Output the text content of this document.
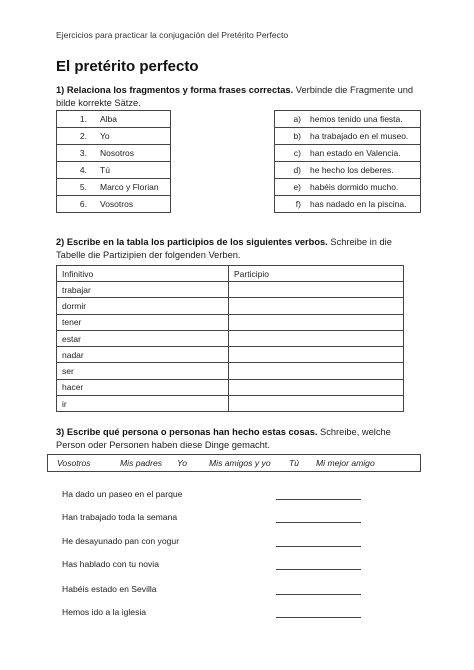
Ejercicios para practicar la conjugación del Pretérito Perfecto
El pretérito perfecto
1) Relaciona los fragmentos y forma frases correctas. Verbinde die Fragmente und bilde korrekte Sätze.
1.	Alba
2.	Yo
3.	Nosotros
4.	Tú
5.	Marco y Florian
6.	Vosotros
a)	hemos tenido una fiesta.
b)	ha trabajado en el museo.
c)	han estado en Valencia.
d)	he hecho los deberes.
e)	habéis dormido mucho.
f)	has nadado en la piscina.
2) Escribe en la tabla los participios de los siguientes verbos. Schreibe in die Tabelle die Partizipien der folgenden Verben.
Infinitivo	Participio
trabajar	
dormir	
tener	
estar	
nadar	
ser	
hacer	
ir	
3) Escribe qué persona o personas han hecho estas cosas. Schreibe, welche Person oder Personen haben diese Dinge gemacht.
Vosotros	Mis padres Yo	Mis amigos y yo Tú Mi mejor amigo
Ha dado un paseo en el parque
Han trabajado toda la semana
He desayunado pan con yogur
Has hablado con tu novia
Habéis estado en Sevilla
Hemos ido a la iglesia
